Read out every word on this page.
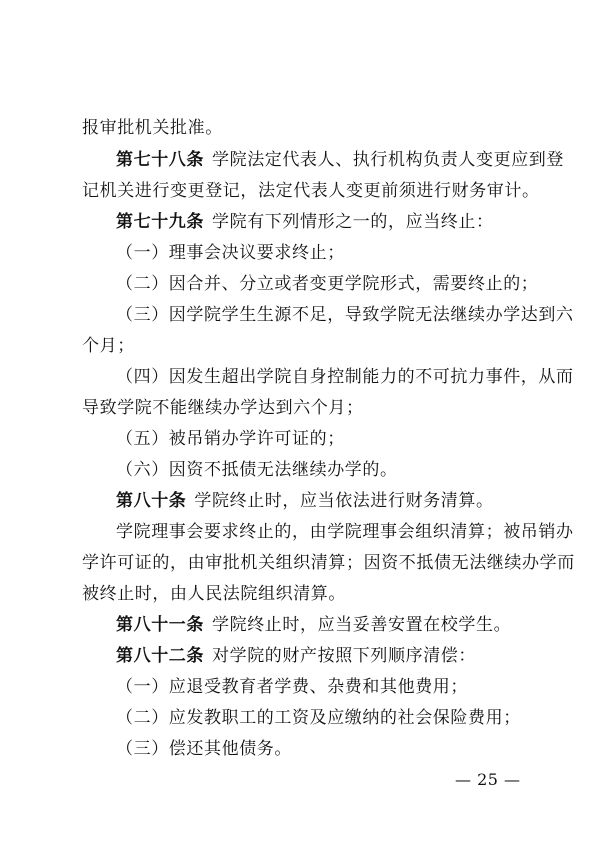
报审批机关批准。
第七十八条 学院法定代表人、执行机构负责人变更应到登
记机关进行变更登记，法定代表人变更前须进行财务审计。
第七十九条 学院有下列情形之一的，应当终止：
（一）理事会决议要求终止；
（二）因合并、分立或者变更学院形式，需要终止的；
（三）因学院学生生源不足，导致学院无法继续办学达到六
个月；
（四）因发生超出学院自身控制能力的不可抗力事件，从而
导致学院不能继续办学达到六个月；
（五）被吊销办学许可证的；
（六）因资不抵债无法继续办学的。
第八十条 学院终止时，应当依法进行财务清算。
学院理事会要求终止的，由学院理事会组织清算；被吊销办
学许可证的，由审批机关组织清算；因资不抵债无法继续办学而
被终止时，由人民法院组织清算。
第八十一条 学院终止时，应当妥善安置在校学生。
第八十二条 对学院的财产按照下列顺序清偿：
（一）应退受教育者学费、杂费和其他费用；
（二）应发教职工的工资及应缴纳的社会保险费用；
（三）偿还其他债务。
— 25 —
